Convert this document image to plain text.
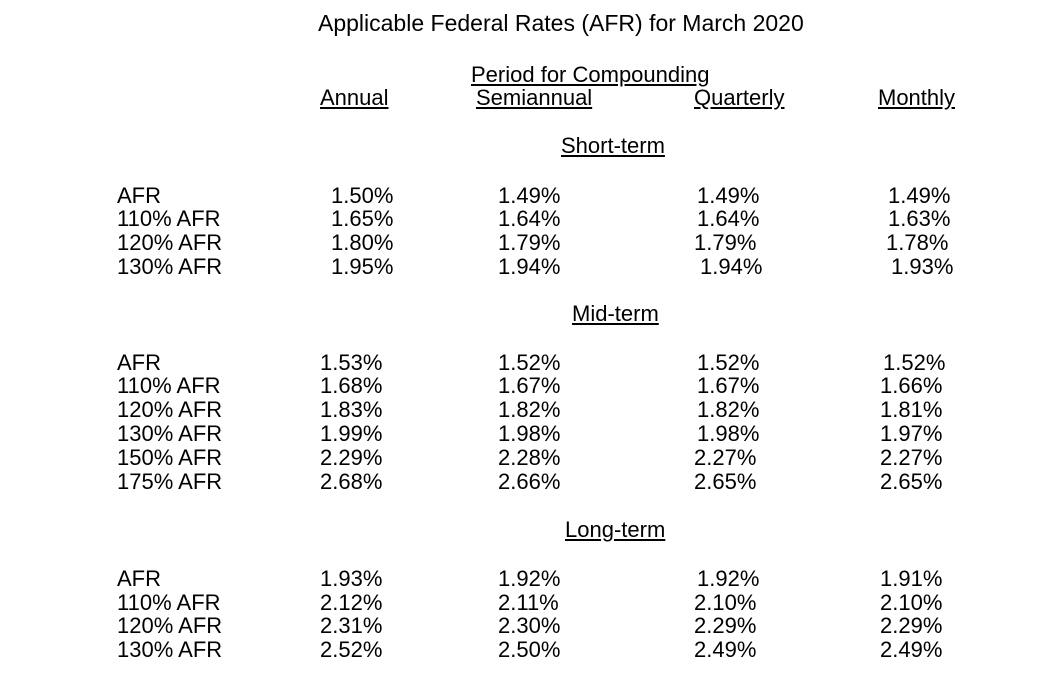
Applicable Federal Rates (AFR) for March 2020
Period for Compounding
Annual	Semiannual	Quarterly	Monthly
Short-term
AFR	1.50%	1.49%	1.49%	1.49%
110% AFR	1.65%	1.64%	1.64%	1.63%
120% AFR	1.80%	1.79%	1.79%	1.78%
130% AFR	1.95%	1.94%	1.94%	1.93%
Mid-term
AFR	1.53%	1.52%	1.52%	1.52%
110% AFR	1.68%	1.67%	1.67%	1.66%
120% AFR	1.83%	1.82%	1.82%	1.81%
130% AFR	1.99%	1.98%	1.98%	1.97%
150% AFR	2.29%	2.28%	2.27%	2.27%
175% AFR	2.68%	2.66%	2.65%	2.65%
Long-term
AFR	1.93%	1.92%	1.92%	1.91%
110% AFR	2.12%	2.11%	2.10%	2.10%
120% AFR	2.31%	2.30%	2.29%	2.29%
130% AFR	2.52%	2.50%	2.49%	2.49%
